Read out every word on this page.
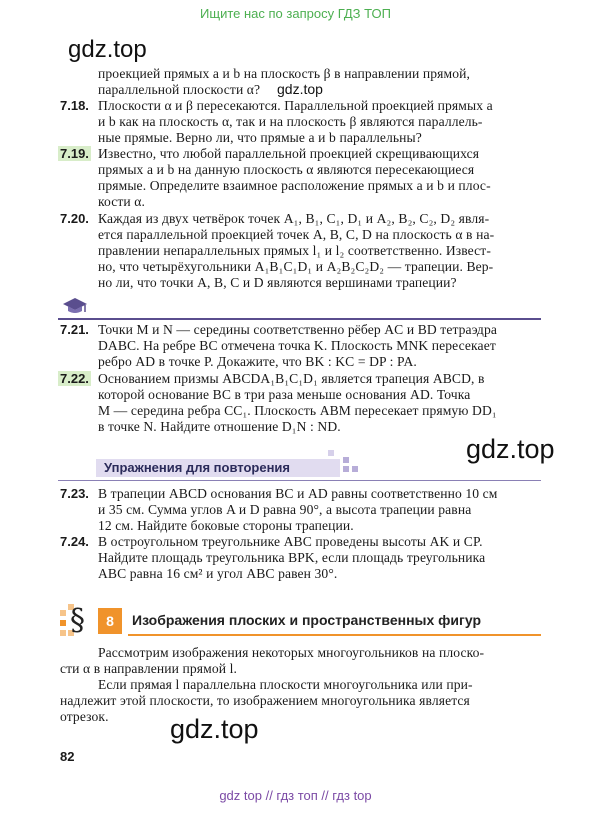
Ищите нас по запросу ГДЗ ТОП
gdz.top
проекцией прямых a и b на плоскость β в направлении прямой,
параллельной плоскости α? gdz.top
7.18. Плоскости α и β пересекаются. Параллельной проекцией прямых a
и b как на плоскость α, так и на плоскость β являются параллель-
ные прямые. Верно ли, что прямые a и b параллельны?
7.19. Известно, что любой параллельной проекцией скрещивающихся
прямых a и b на данную плоскость α являются пересекающиеся
прямые. Определите взаимное расположение прямых a и b и плос-
кости α.
7.20. Каждая из двух четвёрок точек A₁, B₁, C₁, D₁ и A₂, B₂, C₂, D₂ явля-
ется параллельной проекцией точек A, B, C, D на плоскость α в на-
правлении непараллельных прямых l₁ и l₂ соответственно. Извест-
но, что четырёхугольники A₁B₁C₁D₁ и A₂B₂C₂D₂ — трапеции. Вер-
но ли, что точки A, B, C и D являются вершинами трапеции?
7.21. Точки M и N — середины соответственно рёбер AC и BD тетраэдра
DABC. На ребре BC отмечена точка K. Плоскость MNK пересекает
ребро AD в точке P. Докажите, что BK : KC = DP : PA.
7.22. Основанием призмы ABCDA₁B₁C₁D₁ является трапеция ABCD, в
которой основание BC в три раза меньше основания AD. Точка
M — середина ребра CC₁. Плоскость ABM пересекает прямую DD₁
в точке N. Найдите отношение D₁N : ND.
gdz.top
Упражнения для повторения
7.23. В трапеции ABCD основания BC и AD равны соответственно 10 см
и 35 см. Сумма углов A и D равна 90°, а высота трапеции равна
12 см. Найдите боковые стороны трапеции.
7.24. В остроугольном треугольнике ABC проведены высоты AK и CP.
Найдите площадь треугольника BPK, если площадь треугольника
ABC равна 16 см² и угол ABC равен 30°.
§	8	Изображения плоских и пространственных фигур
Рассмотрим изображения некоторых многоугольников на плоско-
сти α в направлении прямой l.
Если прямая l параллельна плоскости многоугольника или при-
надлежит этой плоскости, то изображением многоугольника является
отрезок. gdz.top
82
gdz top // гдз топ // гдз top
